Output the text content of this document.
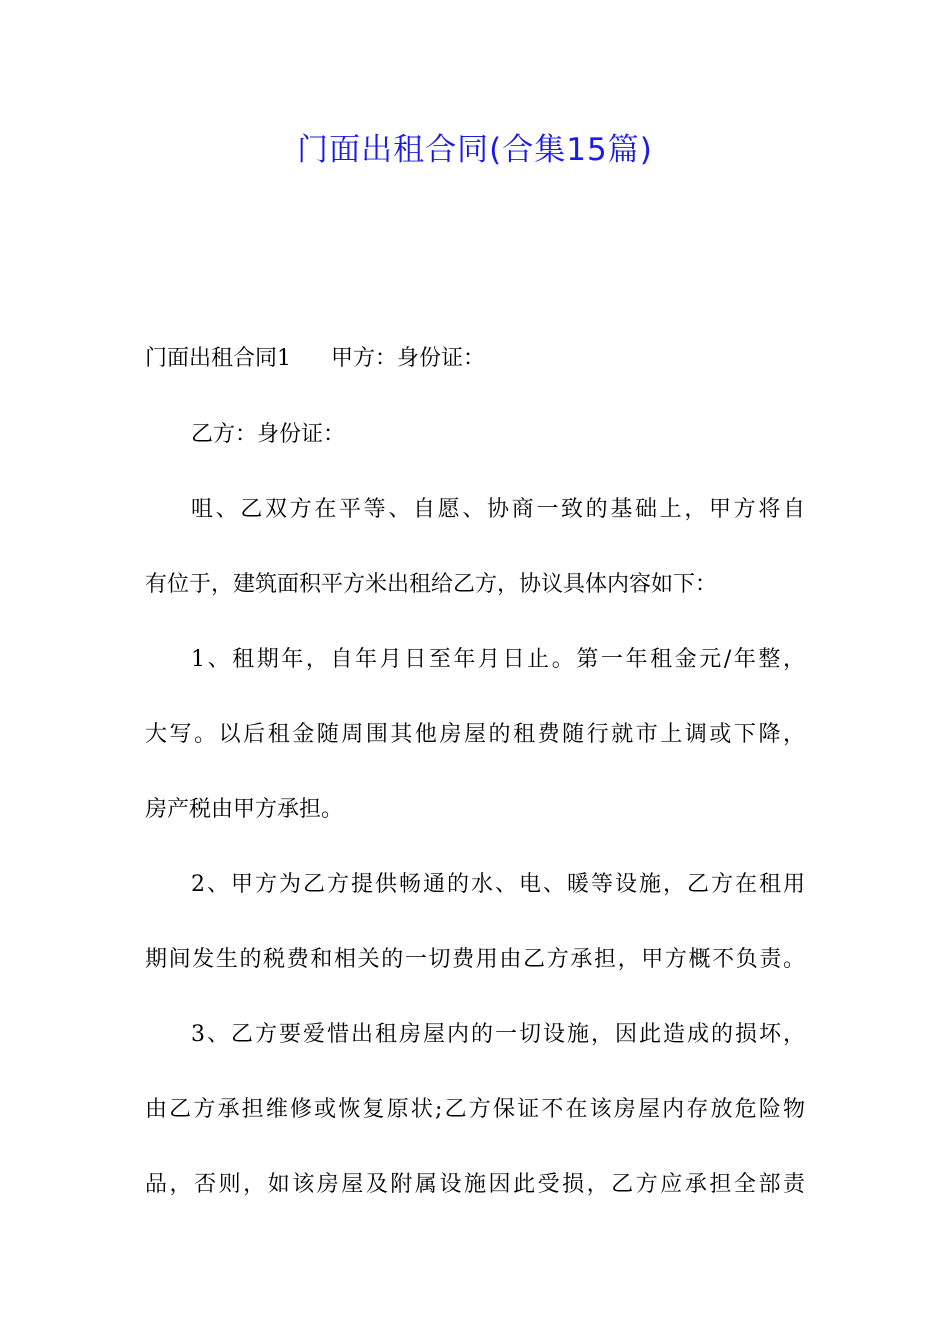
门面出租合同(合集15篇)
门面出租合同1 甲方：身份证：
乙方：身份证：
咀、乙双方在平等、自愿、协商一致的基础上，甲方将自
有位于，建筑面积平方米出租给乙方，协议具体内容如下：
1、租期年，自年月日至年月日止。第一年租金元/年整，
大写。以后租金随周围其他房屋的租费随行就市上调或下降，
房产税由甲方承担。
2、甲方为乙方提供畅通的水、电、暖等设施，乙方在租用
期间发生的税费和相关的一切费用由乙方承担，甲方概不负责。
3、乙方要爱惜出租房屋内的一切设施，因此造成的损坏，
由乙方承担维修或恢复原状;乙方保证不在该房屋内存放危险物
品，否则，如该房屋及附属设施因此受损，乙方应承担全部责
